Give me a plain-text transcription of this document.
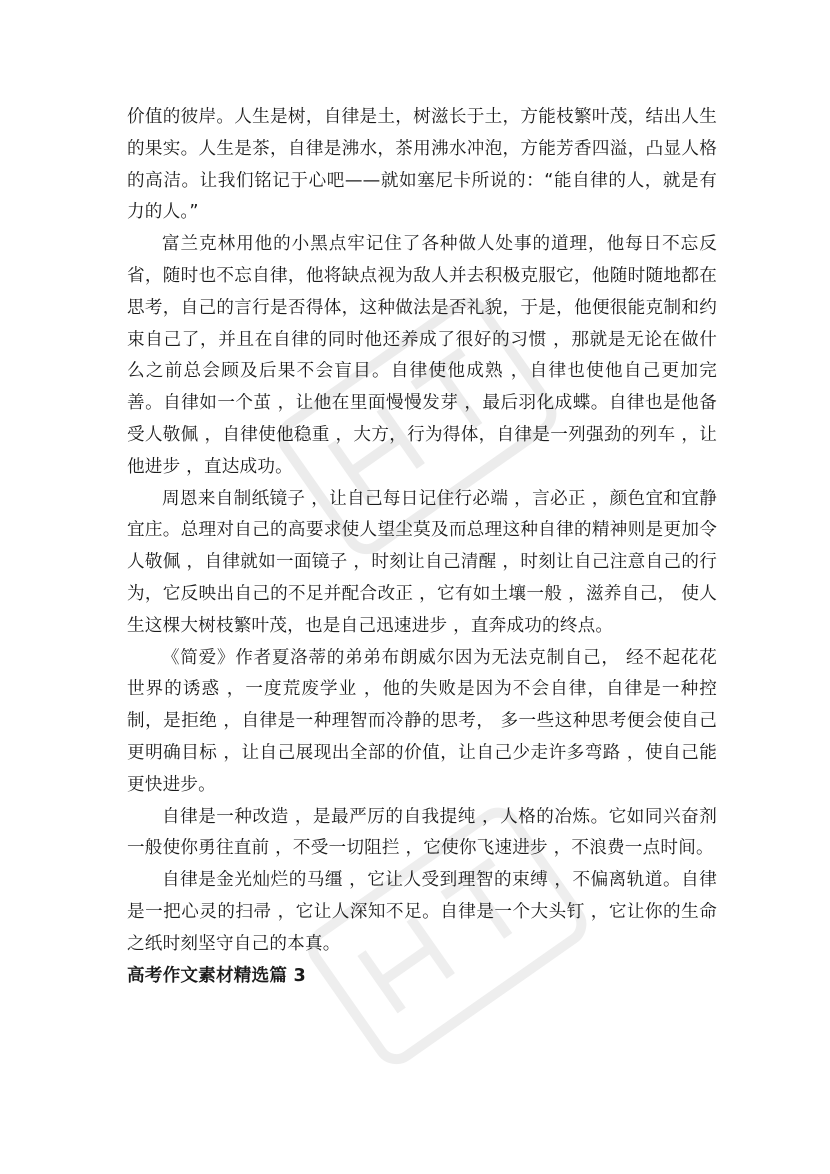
价值的彼岸。人生是树，自律是土，树滋长于土，方能枝繁叶茂，结出人生的果实。人生是茶，自律是沸水，茶用沸水冲泡，方能芳香四溢，凸显人格的高洁。让我们铭记于心吧——就如塞尼卡所说的：“能自律的人，就是有力的人。”

富兰克林用他的小黑点牢记住了各种做人处事的道理，他每日不忘反省，随时也不忘自律，他将缺点视为敌人并去积极克服它，他随时随地都在思考，自己的言行是否得体，这种做法是否礼貌，于是，他便很能克制和约束自己了，并且在自律的同时他还养成了很好的习惯 ，那就是无论在做什么之前总会顾及后果不会盲目。自律使他成熟 ，自律也使他自己更加完善。自律如一个茧 ，让他在里面慢慢发芽 ，最后羽化成蝶。自律也是他备受人敬佩 ，自律使他稳重 ，大方，行为得体，自律是一列强劲的列车 ，让他进步 ，直达成功。

周恩来自制纸镜子 ，让自己每日记住行必端 ，言必正 ，颜色宜和宜静宜庄。总理对自己的高要求使人望尘莫及而总理这种自律的精神则是更加令人敬佩 ，自律就如一面镜子 ，时刻让自己清醒 ，时刻让自己注意自己的行为，它反映出自己的不足并配合改正 ，它有如土壤一般 ，滋养自己， 使人生这棵大树枝繁叶茂，也是自己迅速进步 ，直奔成功的终点。

《简爱》作者夏洛蒂的弟弟布朗威尔因为无法克制自己， 经不起花花世界的诱惑 ，一度荒废学业 ，他的失败是因为不会自律，自律是一种控制，是拒绝 ，自律是一种理智而冷静的思考， 多一些这种思考便会使自己更明确目标 ，让自己展现出全部的价值，让自己少走许多弯路 ，使自己能更快进步。

自律是一种改造 ，是最严厉的自我提纯 ，人格的冶炼。它如同兴奋剂一般使你勇往直前 ，不受一切阻拦 ，它使你飞速进步 ，不浪费一点时间。

自律是金光灿烂的马缰 ，它让人受到理智的束缚 ，不偏离轨道。自律是一把心灵的扫帚 ，它让人深知不足。自律是一个大头钉 ，它让你的生命之纸时刻坚守自己的本真。

高考作文素材精选篇 3
